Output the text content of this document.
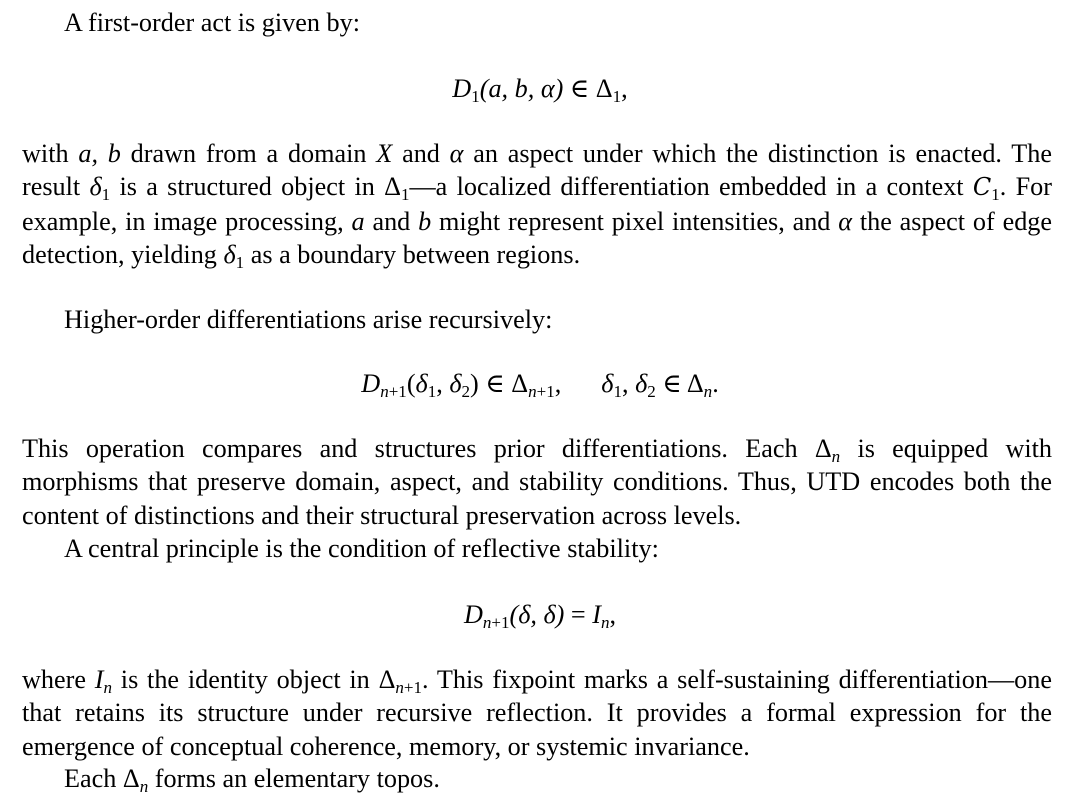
A first-order act is given by:

$D_1(a$, b, α) ∈ $\Delta_1$,

with a, b drawn from a domain X and α an aspect under which the distinction is enacted. The result $\delta_1$ is a structured object in $\Delta_1—a$ localized differentiation embedded in a context $C_1$. For example, in image processing, a and b might represent pixel intensities, and α the aspect of edge detection, yielding $\delta_1$ as a boundary between regions.

Higher-order differentiations arise recursively:

$D_{n+1}(\delta_1$, $\delta_2$) ∈ $\Delta_{n+1}$, $\delta_1$, $\delta_2$ ∈ $\Delta_n$.

This operation compares and structures prior differentiations. Each $\Delta_n$ is equipped with morphisms that preserve domain, aspect, and stability conditions. Thus, UTD encodes both the content of distinctions and their structural preservation across levels.

A central principle is the condition of reflective stability:

$D_{n+1}(\delta$, $\delta) = I_n$,

where $I_n$ is the identity object in $\Delta_{n+1}$. This fixpoint marks a self-sustaining differentiation—one that retains its structure under recursive reflection. It provides a formal expression for the emergence of conceptual coherence, memory, or systemic invariance.

Each $\Delta_n$ forms an elementary topos.
